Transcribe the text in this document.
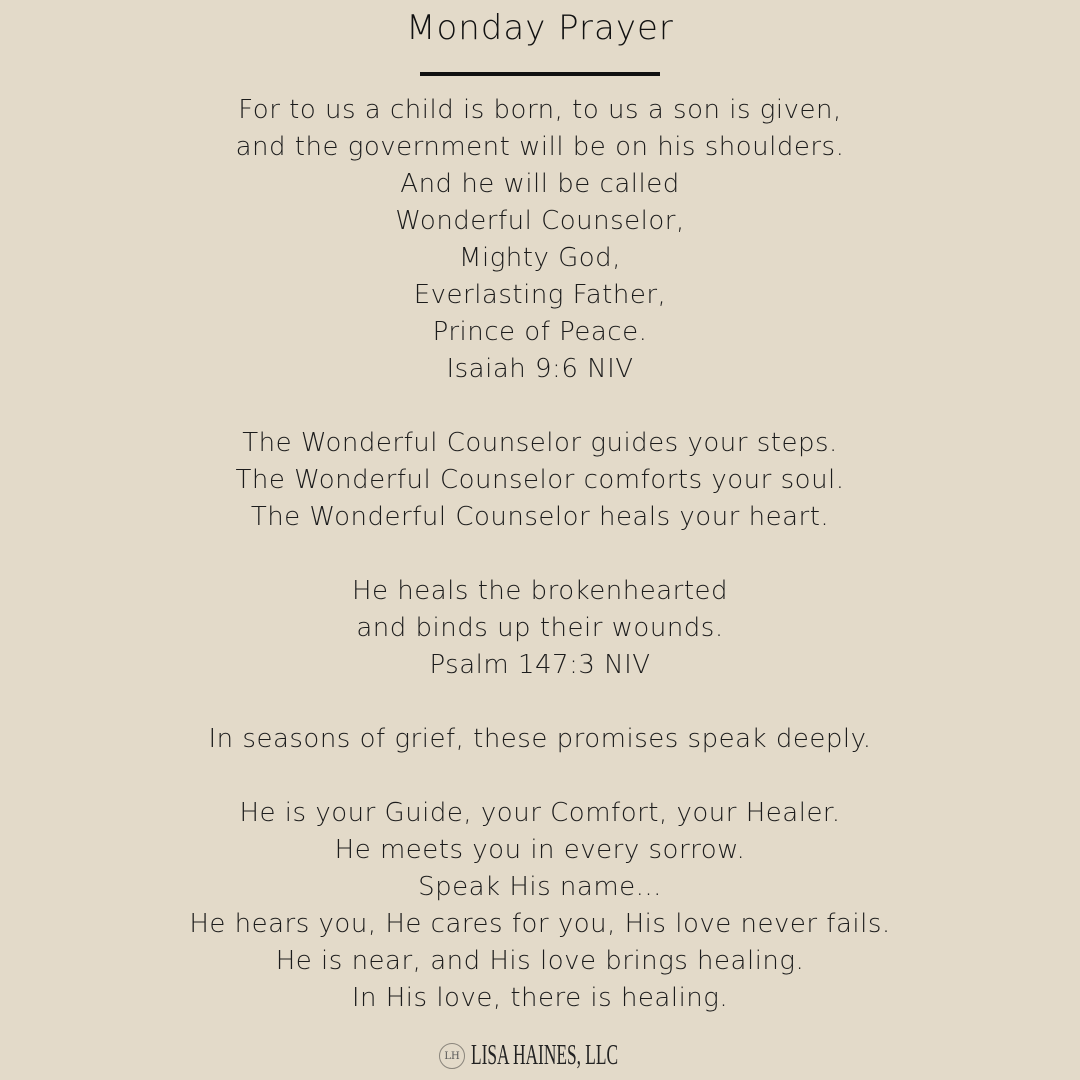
Monday Prayer
For to us a child is born, to us a son is given,
and the government will be on his shoulders.
And he will be called
Wonderful Counselor,
Mighty God,
Everlasting Father,
Prince of Peace.
Isaiah 9:6 NIV
The Wonderful Counselor guides your steps.
The Wonderful Counselor comforts your soul.
The Wonderful Counselor heals your heart.
He heals the brokenhearted
and binds up their wounds.
Psalm 147:3 NIV
In seasons of grief, these promises speak deeply.
He is your Guide, your Comfort, your Healer.
He meets you in every sorrow.
Speak His name...
He hears you, He cares for you, His love never fails.
He is near, and His love brings healing.
In His love, there is healing.
LH LISA HAINES, LLC
